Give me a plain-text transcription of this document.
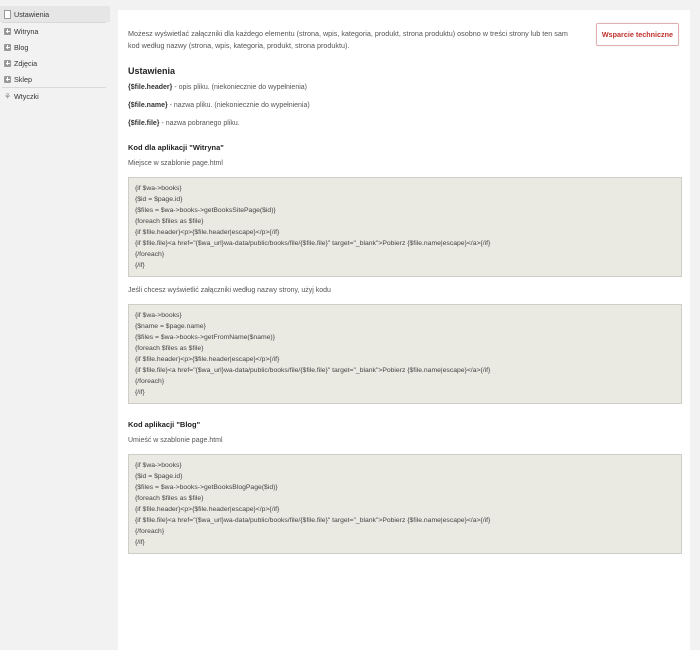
Ustawienia
Witryna
Blog
Zdjęcia
Sklep
⚘ Wtyczki
Wsparcie techniczne
Możesz wyświetlać załączniki dla każdego elementu (strona, wpis, kategoria, produkt, strona produktu) osobno w treści strony lub ten sam kod według nazwy (strona, wpis, kategoria, produkt, strona produktu).
Ustawienia

{$file.header} - opis pliku. (niekoniecznie do wypełnienia)

{$file.name} - nazwa pliku. (niekoniecznie do wypełnienia)

{$file.file} - nazwa pobranego pliku.

Kod dla aplikacji "Witryna"

Miejsce w szablonie page.html

{if $wa->books}
{$id = $page.id}
{$files = $wa->books->getBooksSitePage($id)}
{foreach $files as $file}
{if $file.header}<p>{$file.header|escape}</p>{/if}
{if $file.file}<a href="{$wa_url}wa-data/public/books/file/{$file.file}" target="_blank">Pobierz {$file.name|escape}</a>{/if}
{/foreach}
{/if}

Jeśli chcesz wyświetlić załączniki według nazwy strony, użyj kodu

{if $wa->books}
{$name = $page.name}
{$files = $wa->books->getFromName($name)}
{foreach $files as $file}
{if $file.header}<p>{$file.header|escape}</p>{/if}
{if $file.file}<a href="{$wa_url}wa-data/public/books/file/{$file.file}" target="_blank">Pobierz {$file.name|escape}</a>{/if}
{/foreach}
{/if}
Kod aplikacji "Blog"

Umieść w szablonie page.html

{if $wa->books}
{$id = $page.id}
{$files = $wa->books->getBooksBlogPage($id)}
{foreach $files as $file}
{if $file.header}<p>{$file.header|escape}</p>{/if}
{if $file.file}<a href="{$wa_url}wa-data/public/books/file/{$file.file}" target="_blank">Pobierz {$file.name|escape}</a>{/if}
{/foreach}
{/if}
